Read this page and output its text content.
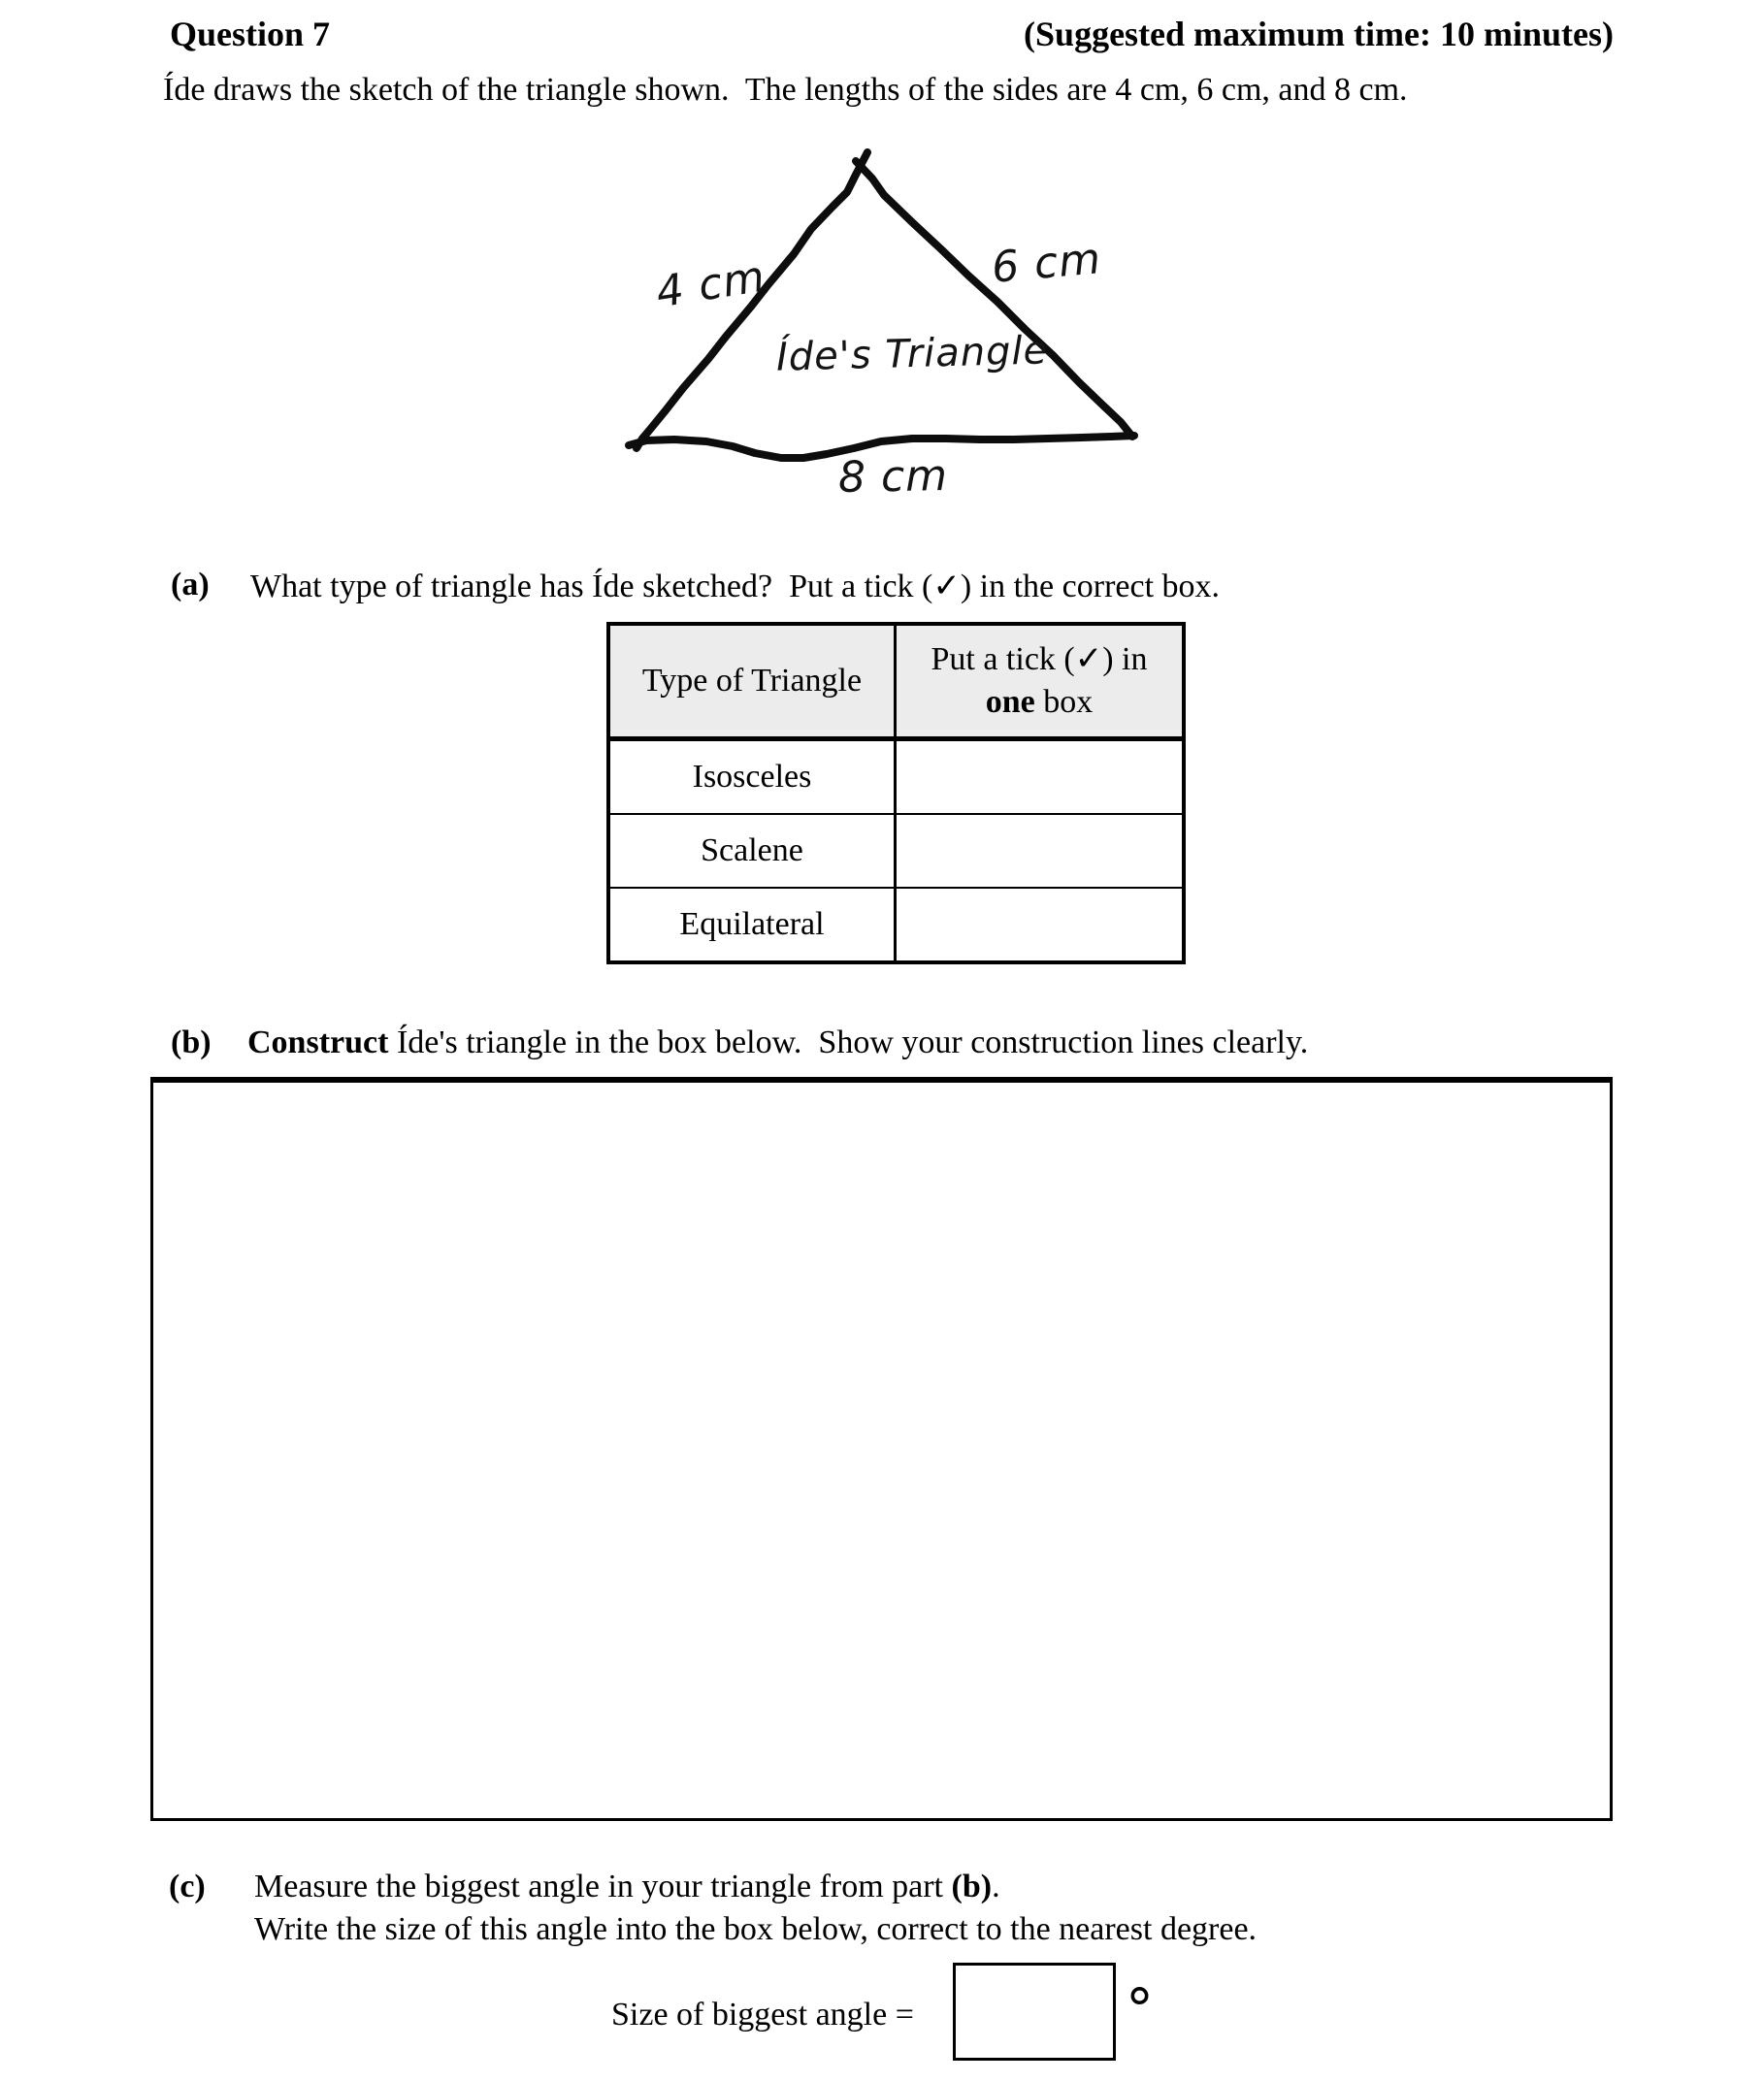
Question 7	(Suggested maximum time: 10 minutes)
Íde draws the sketch of the triangle shown.  The lengths of the sides are 4 cm, 6 cm, and 8 cm.
4 cm	6 cm
Íde's Triangle
8 cm
(a) What type of triangle has Íde sketched?  Put a tick (✓) in the correct box.
Type of Triangle	Put a tick (✓) in
one box

Isosceles	
Scalene	
Equilateral	
(b) Construct Íde's triangle in the box below.  Show your construction lines clearly.
(c) Measure the biggest angle in your triangle from part (b).
Write the size of this angle into the box below, correct to the nearest degree.
Size of biggest angle =	°
